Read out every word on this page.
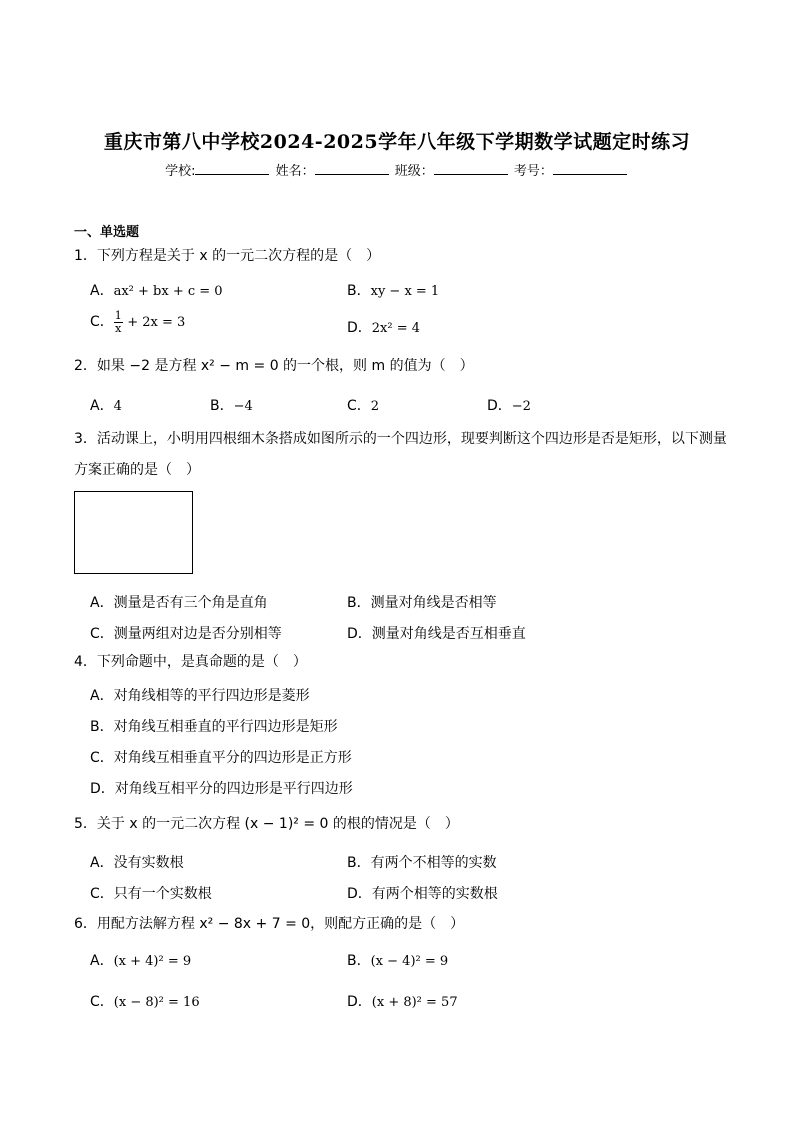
重庆市第八中学校2024-2025学年八年级下学期数学试题定时练习
学校:	姓名：	班级：	考号：
一、单选题
1．下列方程是关于 x 的一元二次方程的是（　）
A．ax² + bx + c = 0	B．xy − x = 1
C． $\frac{1}{x} + 2x = 3$	D．2x² = 4
2．如果 −2 是方程 x² − m = 0 的一个根，则 m 的值为（　）
A．4	B．−4	C．2	D．−2
3．活动课上，小明用四根细木条搭成如图所示的一个四边形，现要判断这个四边形是否是矩形，以下测量方案正确的是（　）
A．测量是否有三个角是直角	B．测量对角线是否相等
C．测量两组对边是否分别相等	D．测量对角线是否互相垂直
4．下列命题中，是真命题的是（　）
A．对角线相等的平行四边形是菱形
B．对角线互相垂直的平行四边形是矩形
C．对角线互相垂直平分的四边形是正方形
D．对角线互相平分的四边形是平行四边形
5．关于 x 的一元二次方程 (x − 1)² = 0 的根的情况是（　）
A．没有实数根	B．有两个不相等的实数
C．只有一个实数根	D．有两个相等的实数根
6．用配方法解方程 x² − 8x + 7 = 0，则配方正确的是（　）
A．(x + 4)² = 9	B．(x − 4)² = 9
C．(x − 8)² = 16	D．(x + 8)² = 57
